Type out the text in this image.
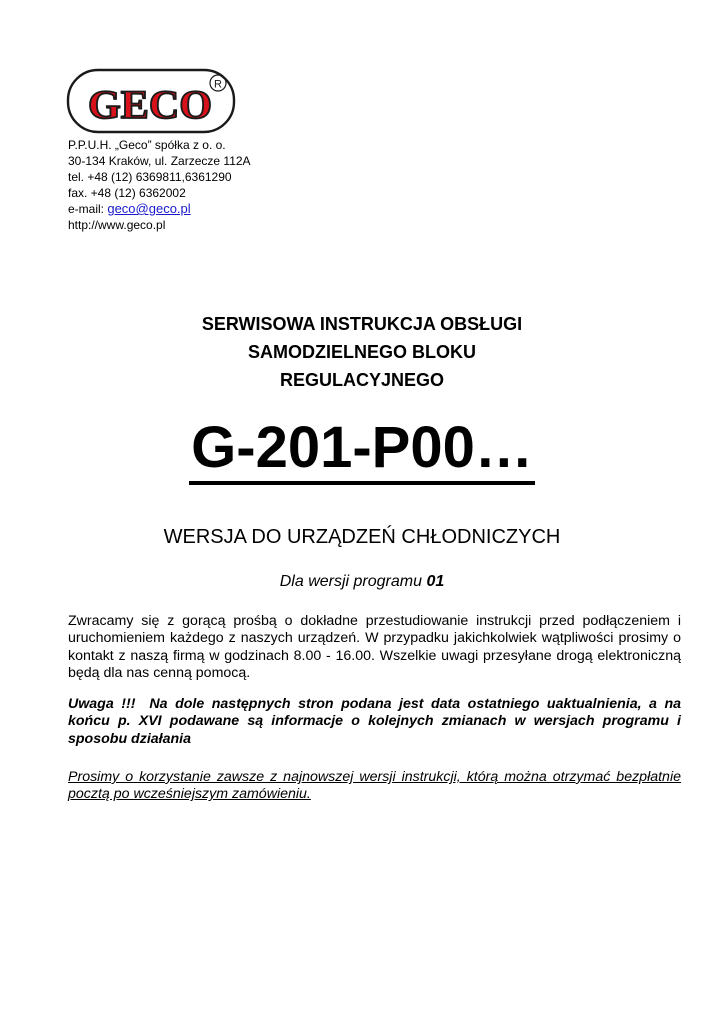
GECO R
P.P.U.H. „Geco” spółka z o. o.
30-134 Kraków, ul. Zarzecze 112A
tel. +48 (12) 6369811,6361290
fax. +48 (12) 6362002
e-mail: geco@geco.pl
http://www.geco.pl
SERWISOWA INSTRUKCJA OBSŁUGI
SAMODZIELNEGO BLOKU
REGULACYJNEGO
G-201-P00…
WERSJA DO URZĄDZEŃ CHŁODNICZYCH
Dla wersji programu 01
Zwracamy się z gorącą prośbą o dokładne przestudiowanie instrukcji przed podłączeniem i uruchomieniem każdego z naszych urządzeń. W przypadku jakichkolwiek wątpliwości prosimy o kontakt z naszą firmą w godzinach 8.00 - 16.00. Wszelkie uwagi przesyłane drogą elektroniczną będą dla nas cenną pomocą.
Uwaga !!! Na dole następnych stron podana jest data ostatniego uaktualnienia, a na końcu p. XVI podawane są informacje o kolejnych zmianach w wersjach programu i sposobu działania
Prosimy o korzystanie zawsze z najnowszej wersji instrukcji, którą można otrzymać bezpłatnie pocztą po wcześniejszym zamówieniu.
